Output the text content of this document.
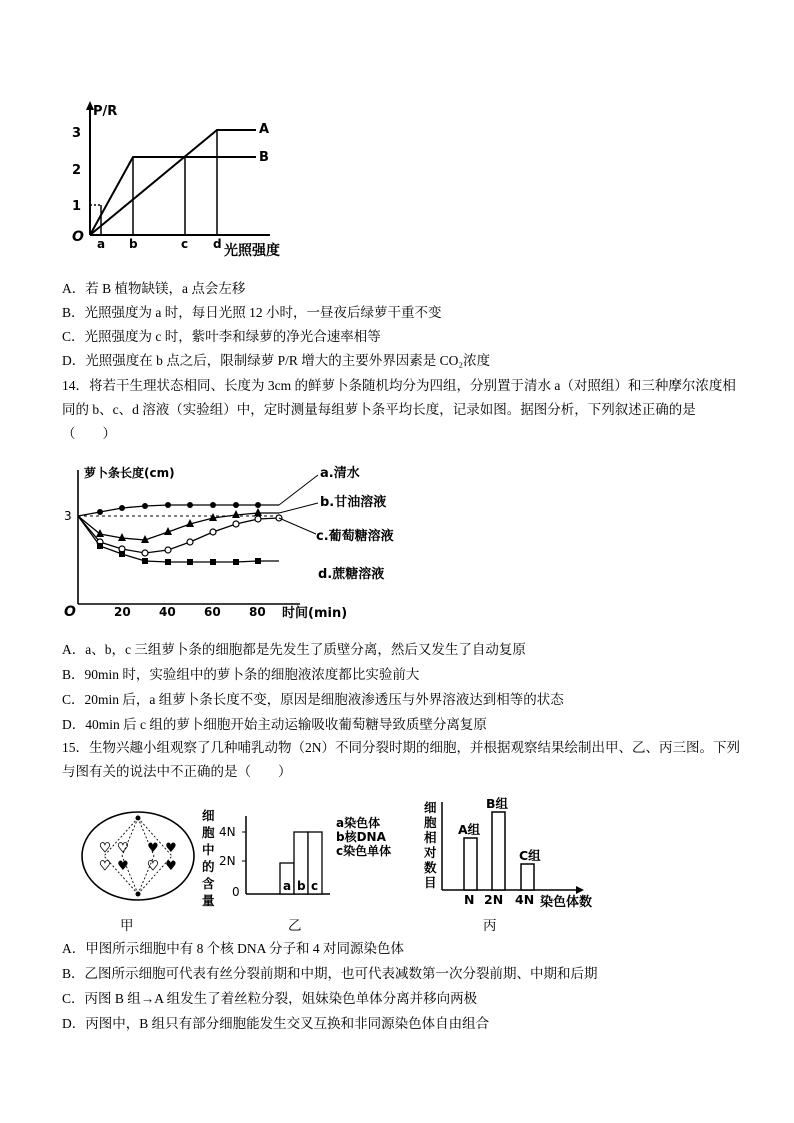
P/R
3
2
1
O
A
B
a b	c d 光照强度
A．若 B 植物缺镁，a 点会左移
B．光照强度为 a 时，每日光照 12 小时，一昼夜后绿萝干重不变
C．光照强度为 c 时，紫叶李和绿萝的净光合速率相等
D．光照强度在 b 点之后，限制绿萝 P/R 增大的主要外界因素是 CO₂浓度
14．将若干生理状态相同、长度为 3cm 的鲜萝卜条随机均分为四组，分别置于清水 a（对照组）和三种摩尔浓度相同的 b、c、d 溶液（实验组）中，定时测量每组萝卜条平均长度，记录如图。据图分析，下列叙述正确的是（　　）
萝卜条长度(cm)
3
O	20 40 60 80 时间(min)
a.清水
b.甘油溶液
c.葡萄糖溶液
d.蔗糖溶液
A．a、b，c 三组萝卜条的细胞都是先发生了质壁分离，然后又发生了自动复原
B．90min 时，实验组中的萝卜条的细胞液浓度都比实验前大
C．20min 后，a 组萝卜条长度不变，原因是细胞液渗透压与外界溶液达到相等的状态
D．40min 后 c 组的萝卜细胞开始主动运输吸收葡萄糖导致质壁分离复原
15．生物兴趣小组观察了几种哺乳动物（2N）不同分裂时期的细胞，并根据观察结果绘制出甲、乙、丙三图。下列与图有关的说法中不正确的是（　　）
♥ ♥ ♥ ♥
♥ ♥ ♥ ♥
甲
细
胞
中
的
含
量
4N
2N
0	a b c
a染色体
b核DNA
c染色单体
乙
细
胞
相
对
数
目
A组
B组
C组
N 2N 4N 染色体数
丙
A．甲图所示细胞中有 8 个核 DNA 分子和 4 对同源染色体
B．乙图所示细胞可代表有丝分裂前期和中期，也可代表减数第一次分裂前期、中期和后期
C．丙图 B 组→A 组发生了着丝粒分裂，姐妹染色单体分离并移向两极
D．丙图中，B 组只有部分细胞能发生交叉互换和非同源染色体自由组合
